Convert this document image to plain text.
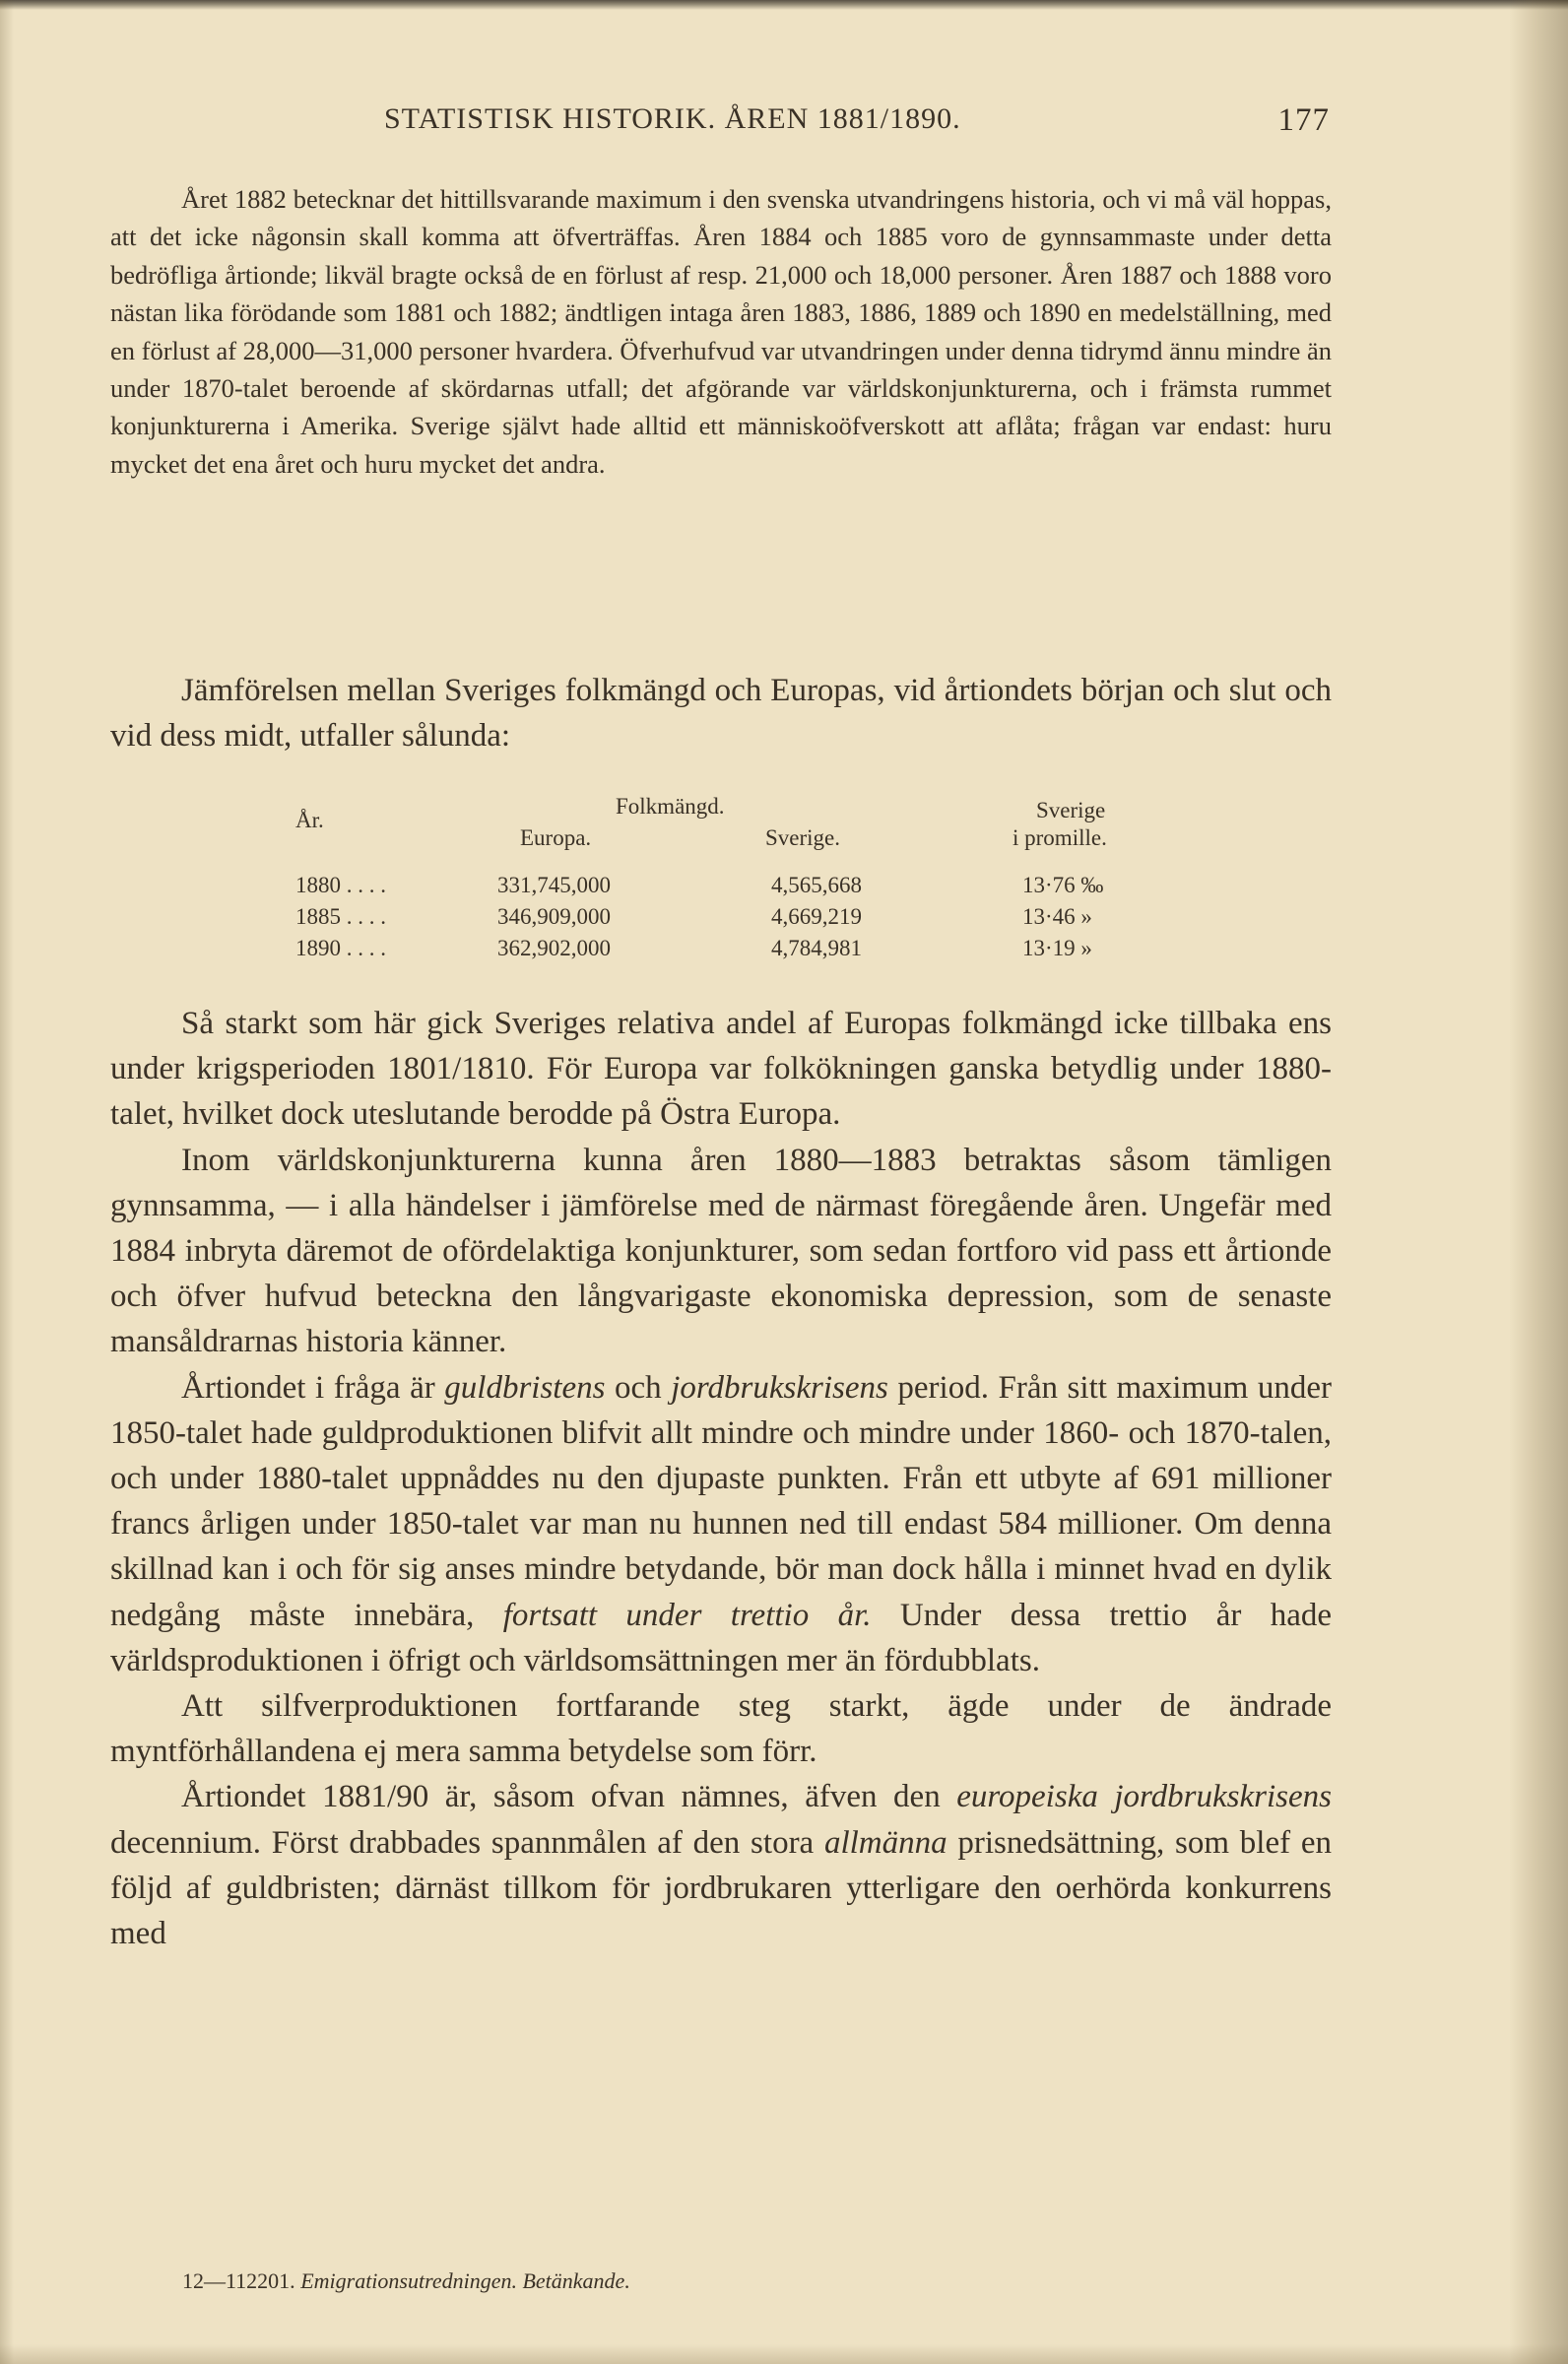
STATISTISK HISTORIK. ÅREN 1881/1890.	177

Året 1882 betecknar det hittillsvarande maximum i den svenska utvandringens historia, och vi må väl hoppas, att det icke någonsin skall komma att öfverträffas. Åren 1884 och 1885 voro de gynnsammaste under detta bedröfliga årtionde; likväl bragte också de en förlust af resp. 21,000 och 18,000 personer. Åren 1887 och 1888 voro nästan lika förödande som 1881 och 1882; ändtligen intaga åren 1883, 1886, 1889 och 1890 en medelställning, med en förlust af 28,000—31,000 personer hvardera. Öfverhufvud var utvandringen under denna tidrymd ännu mindre än under 1870-talet beroende af skördarnas utfall; det afgörande var världskonjunkturerna, och i främsta rummet konjunkturerna i Amerika. Sverige självt hade alltid ett människoöfverskott att aflåta; frågan var endast: huru mycket det ena året och huru mycket det andra.

Jämförelsen mellan Sveriges folkmängd och Europas, vid årtiondets början och slut och vid dess midt, utfaller sålunda:

År.
Folkmängd.
Europa.	Sverige.
Sverige
i promille.
1880 . . . .	331,745,000	4,565,668	13·76 ‰
1885 . . . .	346,909,000	4,669,219	13·46 »
1890 . . . .	362,902,000	4,784,981	13·19 »

Så starkt som här gick Sveriges relativa andel af Europas folkmängd icke tillbaka ens under krigsperioden 1801/1810. För Europa var folkökningen ganska betydlig under 1880-talet, hvilket dock uteslutande berodde på Östra Europa.

Inom världskonjunkturerna kunna åren 1880—1883 betraktas såsom tämligen gynnsamma, — i alla händelser i jämförelse med de närmast föregående åren. Ungefär med 1884 inbryta däremot de ofördelaktiga konjunkturer, som sedan fortforo vid pass ett årtionde och öfver hufvud beteckna den långvarigaste ekonomiska depression, som de senaste mansåldrarnas historia känner.

Årtiondet i fråga är guldbristens och jordbrukskrisens period. Från sitt maximum under 1850-talet hade guldproduktionen blifvit allt mindre och mindre under 1860- och 1870-talen, och under 1880-talet uppnåddes nu den djupaste punkten. Från ett utbyte af 691 millioner francs årligen under 1850-talet var man nu hunnen ned till endast 584 millioner. Om denna skillnad kan i och för sig anses mindre betydande, bör man dock hålla i minnet hvad en dylik nedgång måste innebära, fortsatt under trettio år. Under dessa trettio år hade världsproduktionen i öfrigt och världsomsättningen mer än fördubblats.

Att silfverproduktionen fortfarande steg starkt, ägde under de ändrade myntförhållandena ej mera samma betydelse som förr.

Årtiondet 1881/90 är, såsom ofvan nämnes, äfven den europeiska jordbrukskrisens decennium. Först drabbades spannmålen af den stora allmänna prisnedsättning, som blef en följd af guldbristen; därnäst tillkom för jordbrukaren ytterligare den oerhörda konkurrens med

12—112201. Emigrationsutredningen. Betänkande.
